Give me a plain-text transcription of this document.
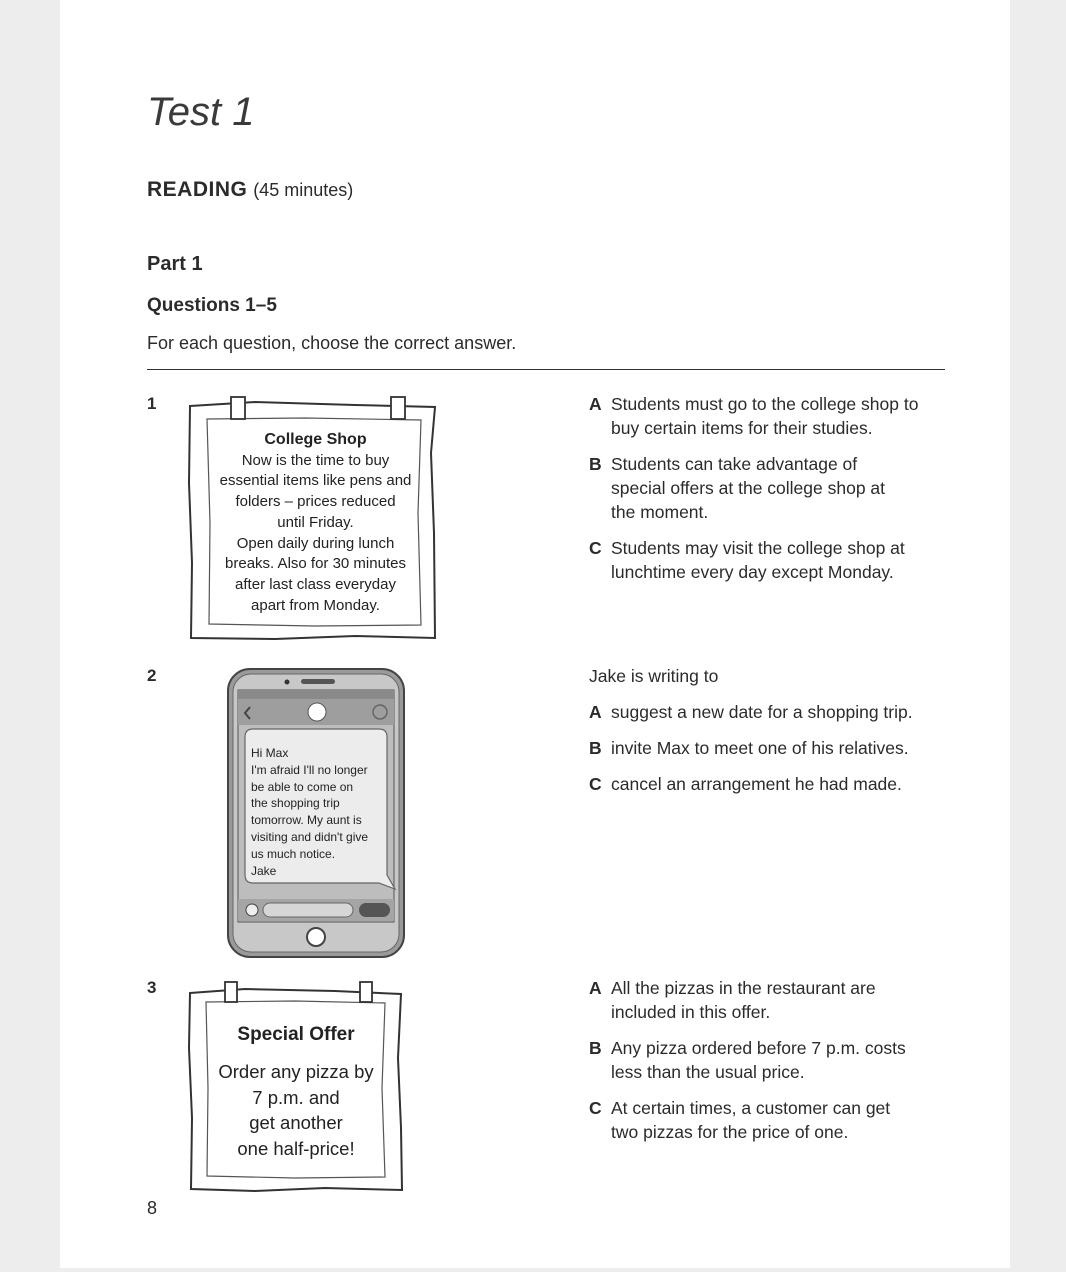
Test 1
READING (45 minutes)
Part 1
Questions 1–5
For each question, choose the correct answer.
1
College Shop
Now is the time to buy
essential items like pens and
folders – prices reduced
until Friday.
Open daily during lunch
breaks. Also for 30 minutes
after last class everyday
apart from Monday.
A Students must go to the college shop to
buy certain items for their studies.
B Students can take advantage of
special offers at the college shop at
the moment.
C Students may visit the college shop at
lunchtime every day except Monday.
2
Hi Max
I'm afraid I'll no longer
be able to come on
the shopping trip
tomorrow. My aunt is
visiting and didn't give
us much notice.
Jake
Jake is writing to
A suggest a new date for a shopping trip.
B invite Max to meet one of his relatives.
C cancel an arrangement he had made.
3
Special Offer
Order any pizza by
7 p.m. and
get another
one half-price!
A All the pizzas in the restaurant are
included in this offer.
B Any pizza ordered before 7 p.m. costs
less than the usual price.
C At certain times, a customer can get
two pizzas for the price of one.
8
